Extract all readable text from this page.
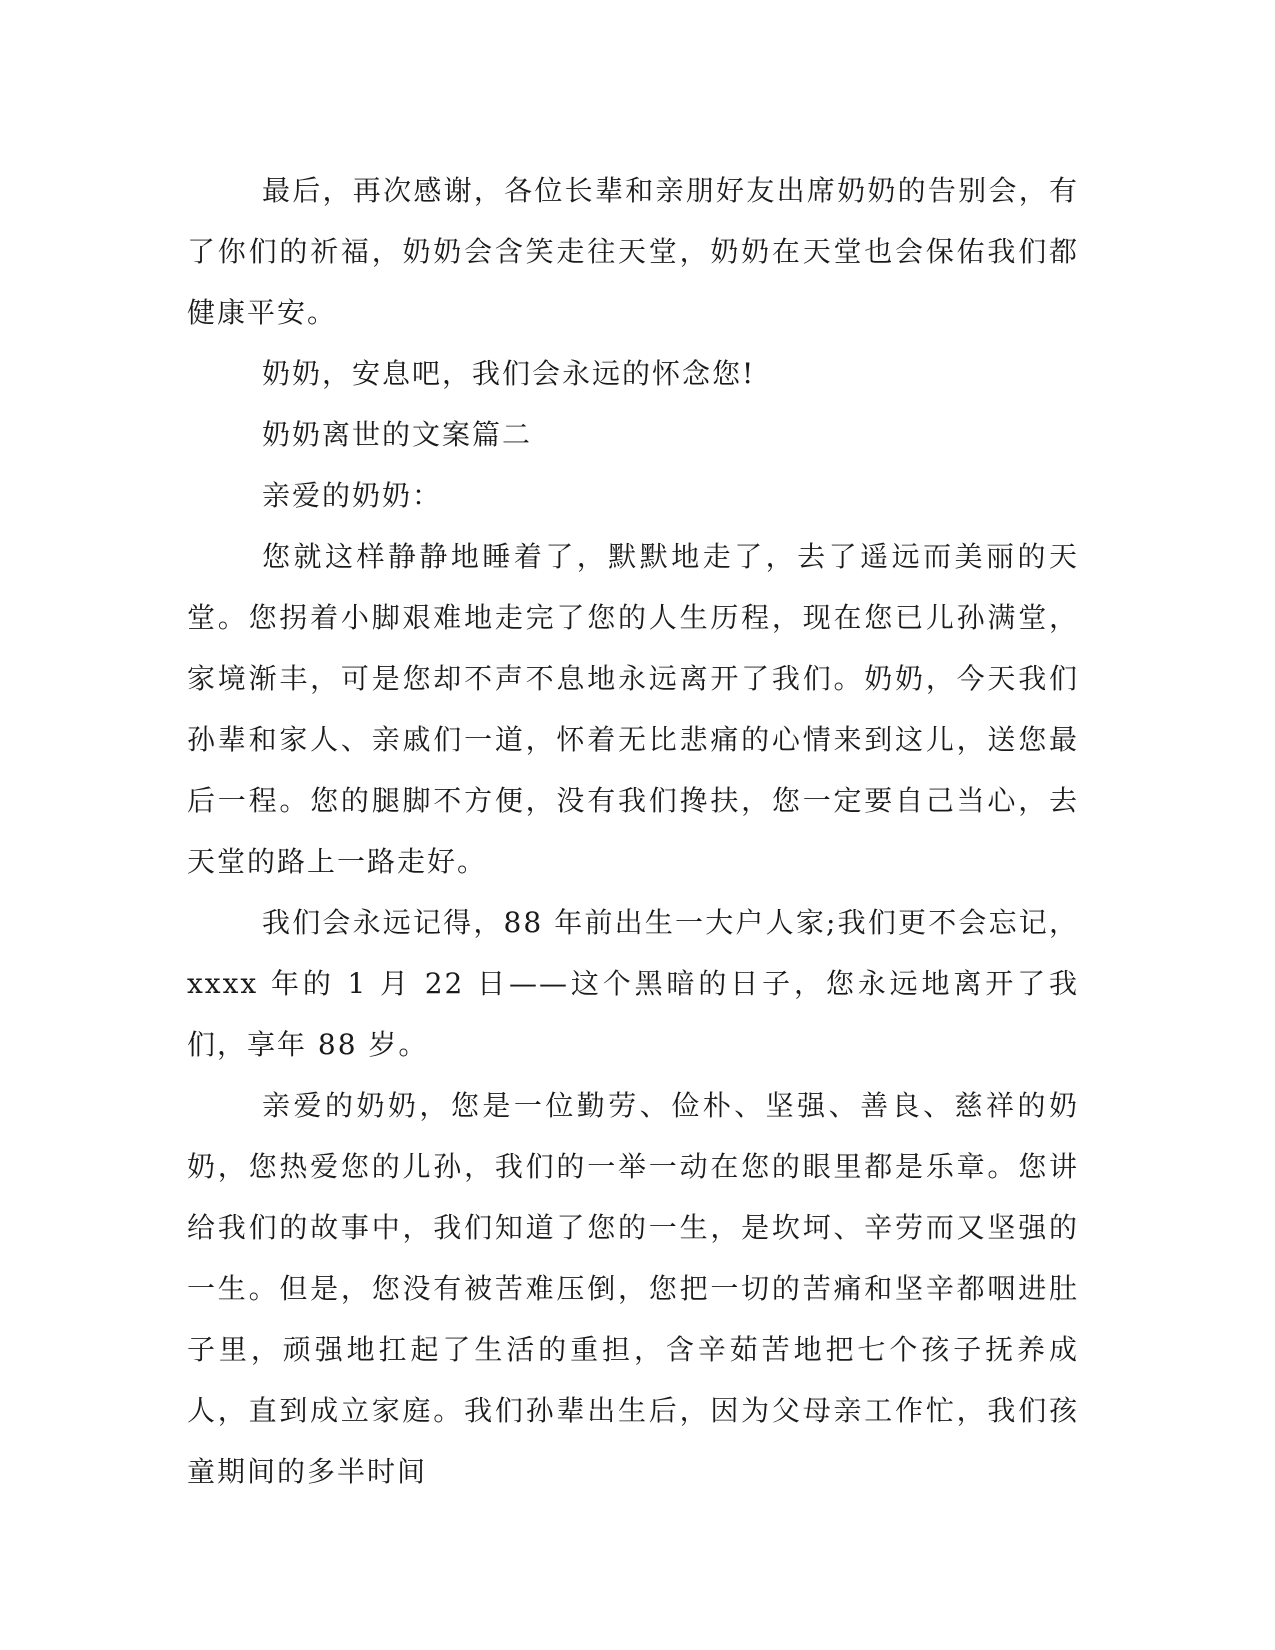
最后，再次感谢，各位长辈和亲朋好友出席奶奶的告别会，有了你们的祈福，奶奶会含笑走往天堂，奶奶在天堂也会保佑我们都健康平安。

奶奶，安息吧，我们会永远的怀念您!

奶奶离世的文案篇二

亲爱的奶奶：

您就这样静静地睡着了，默默地走了，去了遥远而美丽的天堂。您拐着小脚艰难地走完了您的人生历程，现在您已儿孙满堂，家境渐丰，可是您却不声不息地永远离开了我们。奶奶，今天我们孙辈和家人、亲戚们一道，怀着无比悲痛的心情来到这儿，送您最后一程。您的腿脚不方便，没有我们搀扶，您一定要自己当心，去天堂的路上一路走好。

我们会永远记得，88 年前出生一大户人家;我们更不会忘记，xxxx 年的 1 月 22 日——这个黑暗的日子，您永远地离开了我们，享年 88 岁。

亲爱的奶奶，您是一位勤劳、俭朴、坚强、善良、慈祥的奶奶，您热爱您的儿孙，我们的一举一动在您的眼里都是乐章。您讲给我们的故事中，我们知道了您的一生，是坎坷、辛劳而又坚强的一生。但是，您没有被苦难压倒，您把一切的苦痛和坚辛都咽进肚子里，顽强地扛起了生活的重担，含辛茹苦地把七个孩子抚养成人，直到成立家庭。我们孙辈出生后，因为父母亲工作忙，我们孩童期间的多半时间
